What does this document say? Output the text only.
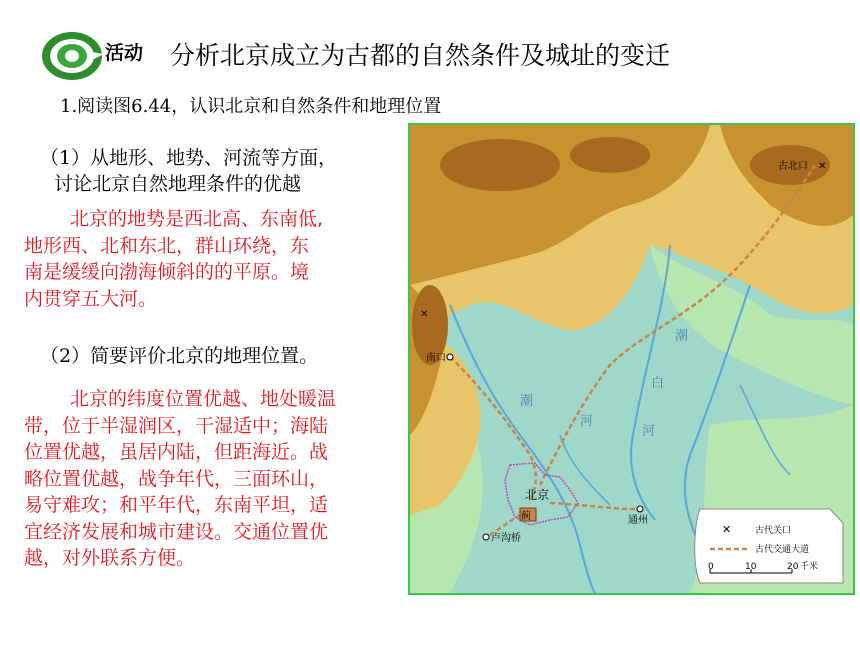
活动 分析北京成立为古都的自然条件及城址的变迁
1.阅读图6.44，认识北京和自然条件和地理位置
（1）从地形、地势、河流等方面，
讨论北京自然地理条件的优越
北京的地势是西北高、东南低,
地形西、北和东北，群山环绕，东
南是缓缓向渤海倾斜的的平原。境
内贯穿五大河。
（2）简要评价北京的地理位置。
北京的纬度位置优越、地处暖温
带，位于半湿润区，干湿适中；海陆
位置优越，虽居内陆，但距海近。战
略位置优越，战争年代，三面环山，
易守难攻；和平年代，东南平坦，适
宜经济发展和城市建设。交通位置优
越，对外联系方便。
✕
✕
古北口
南口
北京
蓟	通州
卢沟桥
潮
白
河
潮
河
✕	古代关口
古代交通大道
0	10	20 千米
